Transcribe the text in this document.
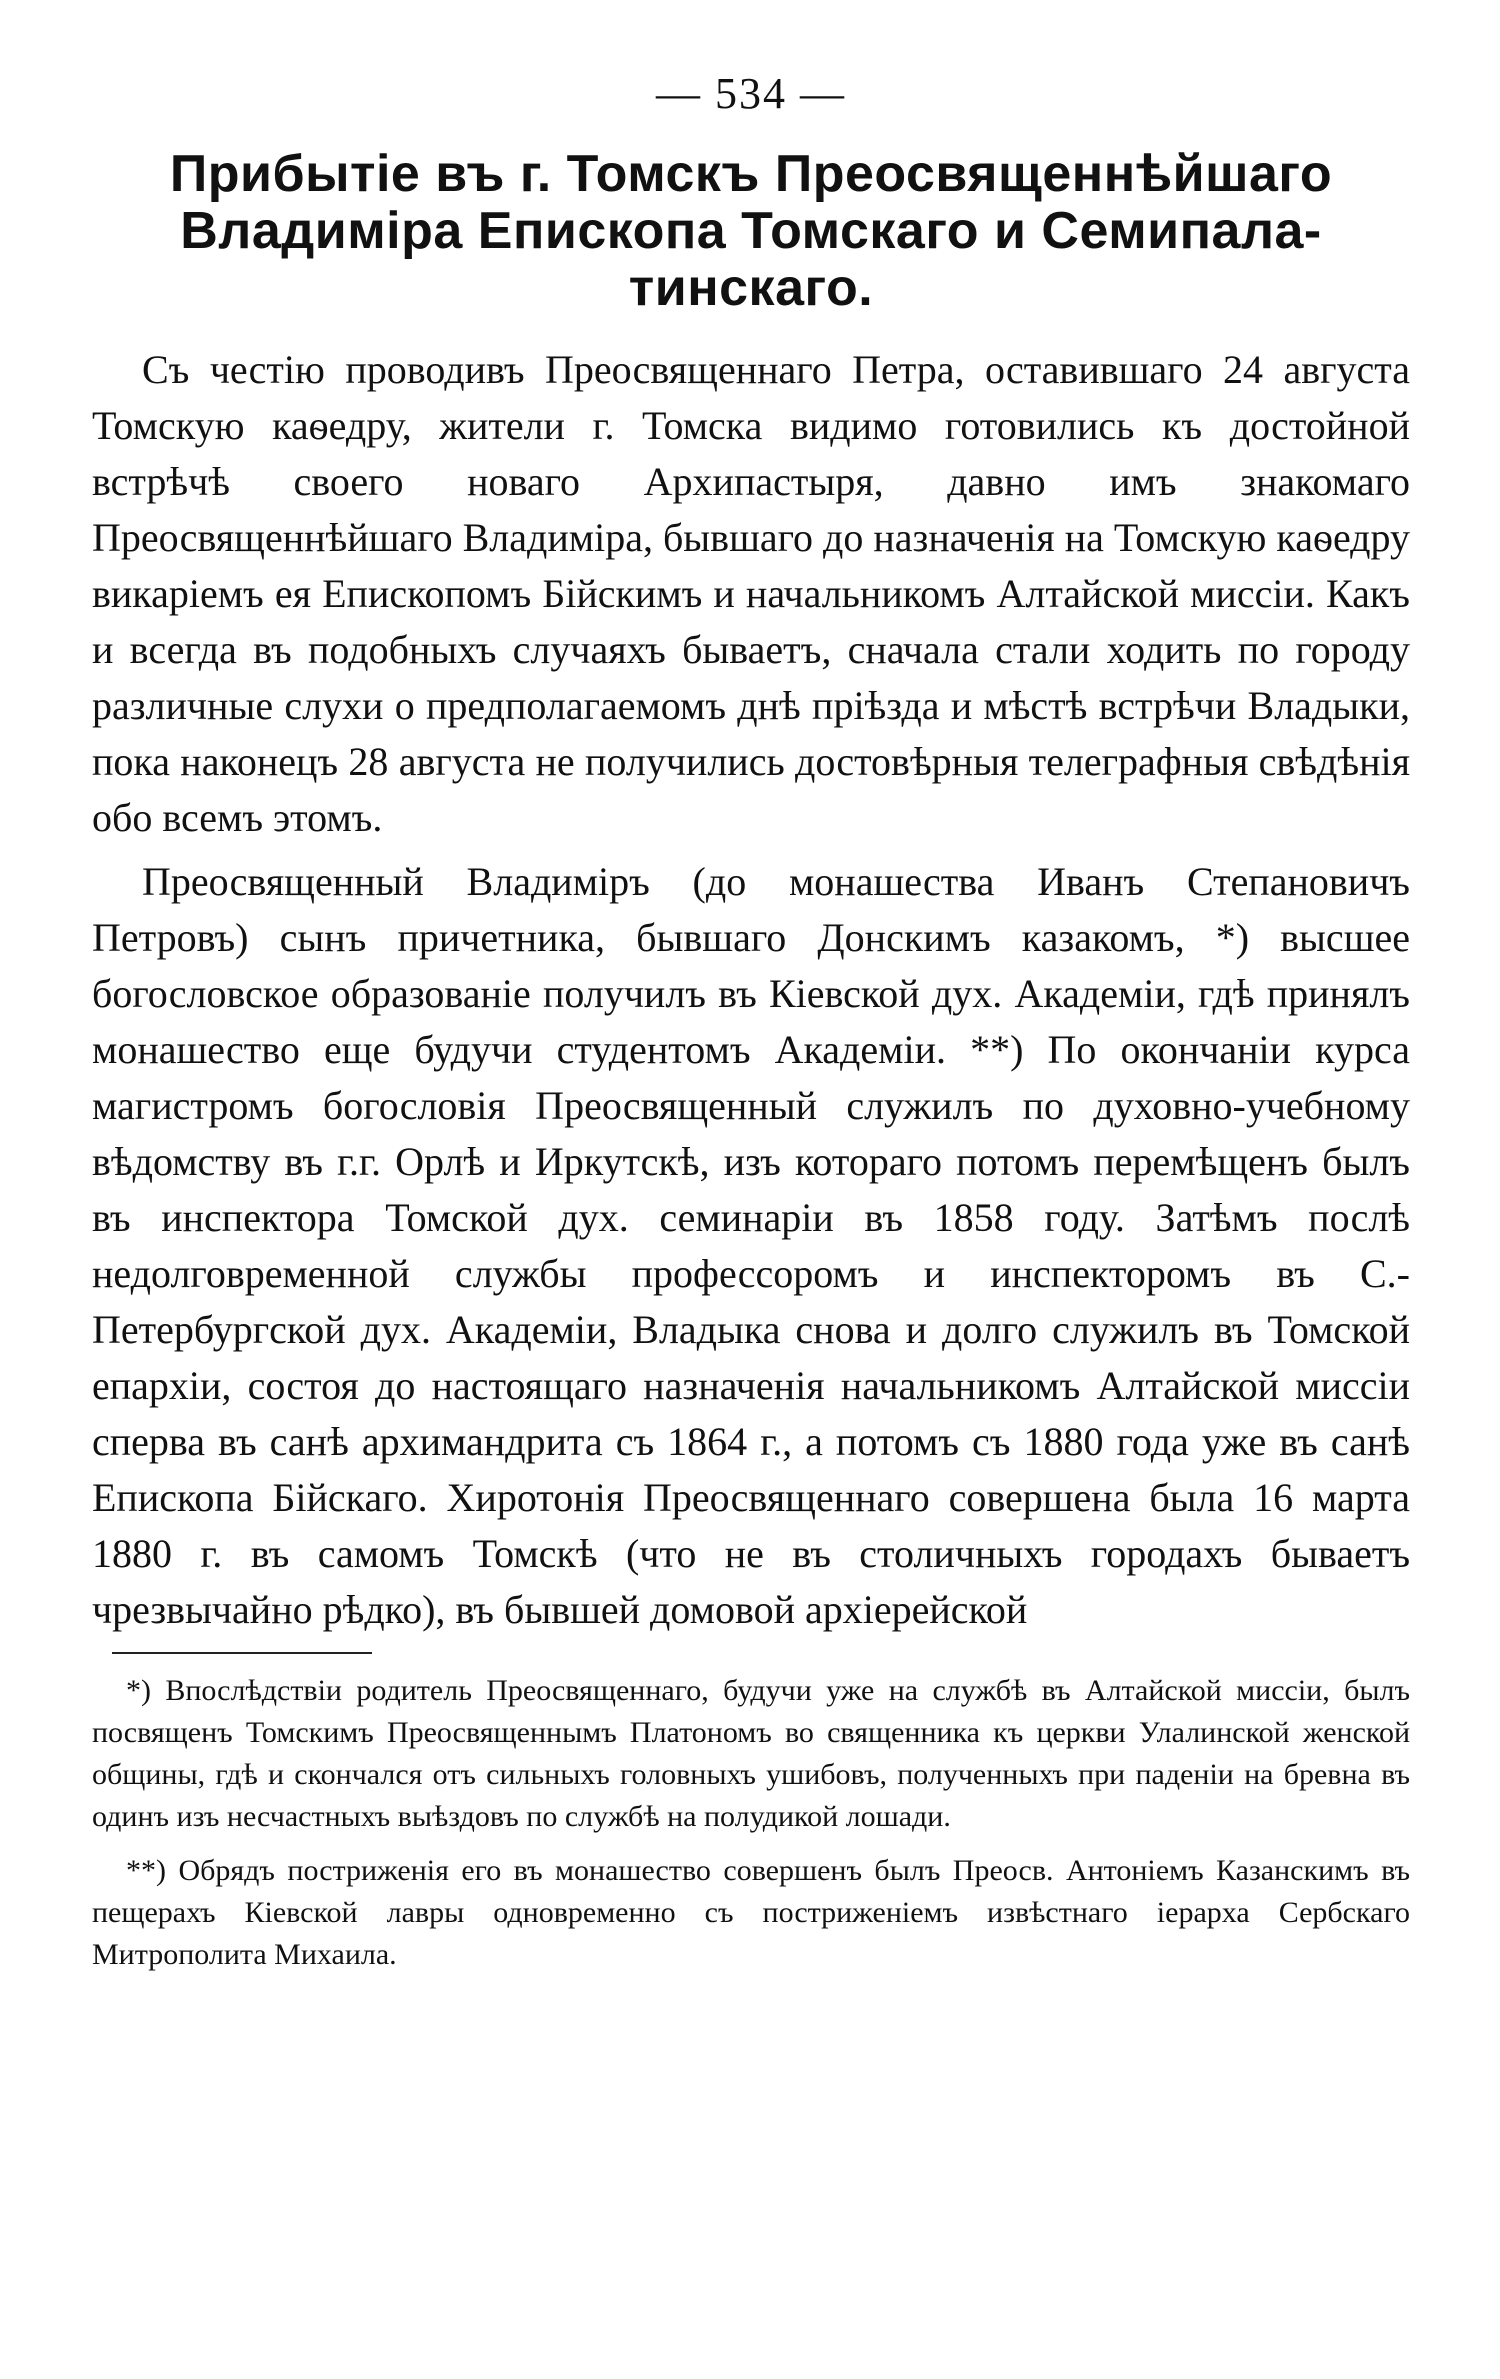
— 534 —
Прибытіе въ г. Томскъ Преосвященнѣйшаго
Владиміра Епископа Томскаго и Семипала-
тинскаго.

Съ честію проводивъ Преосвященнаго Петра, оставившаго 24 августа Томскую каѳедру, жители г. Томска видимо готовились къ достойной встрѣчѣ своего новаго Архипастыря, давно имъ знакомаго Преосвященнѣйшаго Владиміра, бывшаго до назначенія на Томскую каѳедру викаріемъ ея Епископомъ Бійскимъ и начальникомъ Алтайской миссіи. Какъ и всегда въ подобныхъ случаяхъ бываетъ, сначала стали ходить по городу различные слухи о предполагаемомъ днѣ пріѣзда и мѣстѣ встрѣчи Владыки, пока наконецъ 28 августа не получились достовѣрныя телеграфныя свѣдѣнія обо всемъ этомъ.

Преосвященный Владиміръ (до монашества Иванъ Степановичъ Петровъ) сынъ причетника, бывшаго Донскимъ казакомъ, *) высшее богословское образованіе получилъ въ Кіевской дух. Академіи, гдѣ принялъ монашество еще будучи студентомъ Академіи. **) По окончаніи курса магистромъ богословія Преосвященный служилъ по духовно-учебному вѣдомству въ г.г. Орлѣ и Иркутскѣ, изъ котораго потомъ перемѣщенъ былъ въ инспектора Томской дух. семинаріи въ 1858 году. Затѣмъ послѣ недолговременной службы профессоромъ и инспекторомъ въ С.-Петербургской дух. Академіи, Владыка снова и долго служилъ въ Томской епархіи, состоя до настоящаго назначенія начальникомъ Алтайской миссіи сперва въ санѣ архимандрита съ 1864 г., а потомъ съ 1880 года уже въ санѣ Епископа Бійскаго. Хиротонія Преосвященнаго совершена была 16 марта 1880 г. въ самомъ Томскѣ (что не въ столичныхъ городахъ бываетъ чрезвычайно рѣдко), въ бывшей домовой архіерейской

*) Впослѣдствіи родитель Преосвященнаго, будучи уже на службѣ въ Алтайской миссіи, былъ посвященъ Томскимъ Преосвященнымъ Платономъ во священника къ церкви Улалинской женской общины, гдѣ и скончался отъ сильныхъ головныхъ ушибовъ, полученныхъ при паденіи на бревна въ одинъ изъ несчастныхъ выѣздовъ по службѣ на полудикой лошади.

**) Обрядъ постриженія его въ монашество совершенъ былъ Преосв. Антоніемъ Казанскимъ въ пещерахъ Кіевской лавры одновременно съ постриженіемъ извѣстнаго іерарха Сербскаго Митрополита Михаила.
